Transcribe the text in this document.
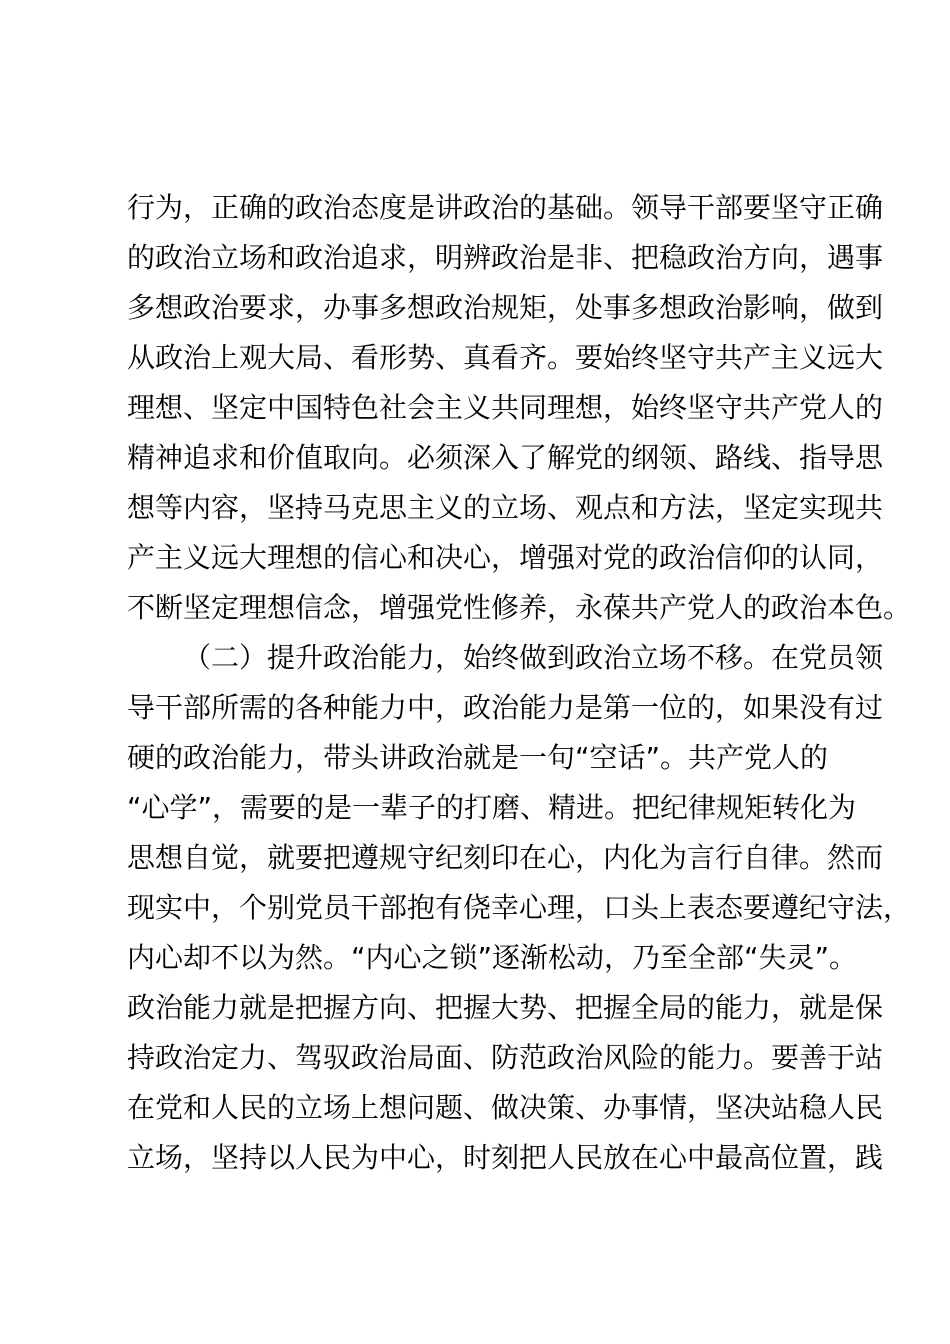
行为，正确的政治态度是讲政治的基础。领导干部要坚守正确
的政治立场和政治追求，明辨政治是非、把稳政治方向，遇事
多想政治要求，办事多想政治规矩，处事多想政治影响，做到
从政治上观大局、看形势、真看齐。要始终坚守共产主义远大
理想、坚定中国特色社会主义共同理想，始终坚守共产党人的
精神追求和价值取向。必须深入了解党的纲领、路线、指导思
想等内容，坚持马克思主义的立场、观点和方法，坚定实现共
产主义远大理想的信心和决心，增强对党的政治信仰的认同，
不断坚定理想信念，增强党性修养，永葆共产党人的政治本色。
（二）提升政治能力，始终做到政治立场不移。在党员领
导干部所需的各种能力中，政治能力是第一位的，如果没有过
硬的政治能力，带头讲政治就是一句“空话”。共产党人的
“心学”，需要的是一辈子的打磨、精进。把纪律规矩转化为
思想自觉，就要把遵规守纪刻印在心，内化为言行自律。然而
现实中，个别党员干部抱有侥幸心理，口头上表态要遵纪守法，
内心却不以为然。“内心之锁”逐渐松动，乃至全部“失灵”。
政治能力就是把握方向、把握大势、把握全局的能力，就是保
持政治定力、驾驭政治局面、防范政治风险的能力。要善于站
在党和人民的立场上想问题、做决策、办事情，坚决站稳人民
立场，坚持以人民为中心，时刻把人民放在心中最高位置，践
